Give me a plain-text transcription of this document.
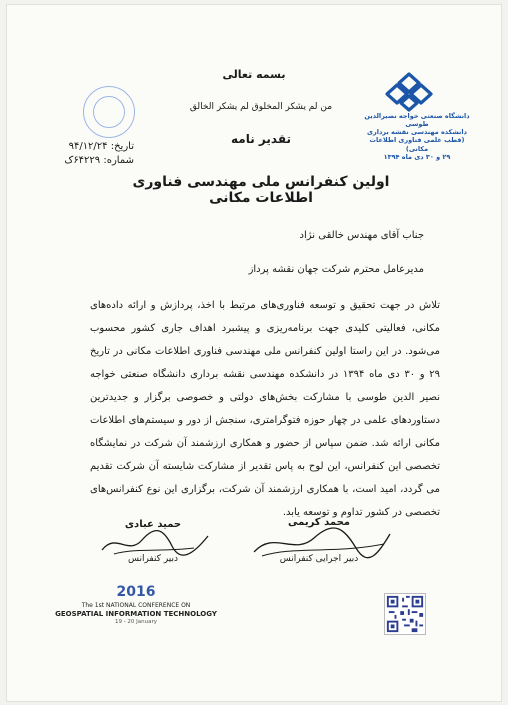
تاریخ: ۹۴/۱۲/۲۴
شماره: ۶۴۲۲۹ک
دانشگاه صنعتی خواجه نصیرالدین طوسی
دانشکده مهندسی نقشه برداری
(قطب علمی فناوری اطلاعات مکانی)
۲۹ و ۳۰ دی ماه ۱۳۹۴
بسمه تعالی
من لم یشکر المخلوق لم یشکر الخالق
تقدیر نامه
اولین کنفرانس ملی مهندسی فناوری اطلاعات مکانی
جناب آقای مهندس خالقی نژاد
مدیرعامل محترم شرکت جهان نقشه پرداز
تلاش در جهت تحقیق و توسعه فناوری‌های مرتبط با اخذ، پردازش و ارائه داده‌های مکانی، فعالیتی کلیدی جهت برنامه‌ریزی و پیشبرد اهداف جاری کشور محسوب می‌شود. در این راستا اولین کنفرانس ملی مهندسی فناوری اطلاعات مکانی در تاریخ ۲۹ و ۳۰ دی ماه ۱۳۹۴ در دانشکده مهندسی نقشه برداری دانشگاه صنعتی خواجه نصیر الدین طوسی با مشارکت بخش‌های دولتی و خصوصی برگزار و جدیدترین دستاوردهای علمی در چهار حوزه فتوگرامتری، سنجش از دور و سیستم‌های اطلاعات مکانی ارائه شد. ضمن سپاس از حضور و همکاری ارزشمند آن شرکت در نمایشگاه تخصصی این کنفرانس، این لوح به پاس تقدیر از مشارکت شایسته آن شرکت تقدیم می گردد، امید است، با همکاری ارزشمند آن شرکت، برگزاری این نوع کنفرانس‌های تخصصی در کشور تداوم و توسعه یابد.
حمید عبادی
دبیر کنفرانس
محمد کریمی
دبیر اجرایی کنفرانس
2016
The 1st NATIONAL CONFERENCE ON
GEOSPATIAL INFORMATION TECHNOLOGY
19 - 20 January
